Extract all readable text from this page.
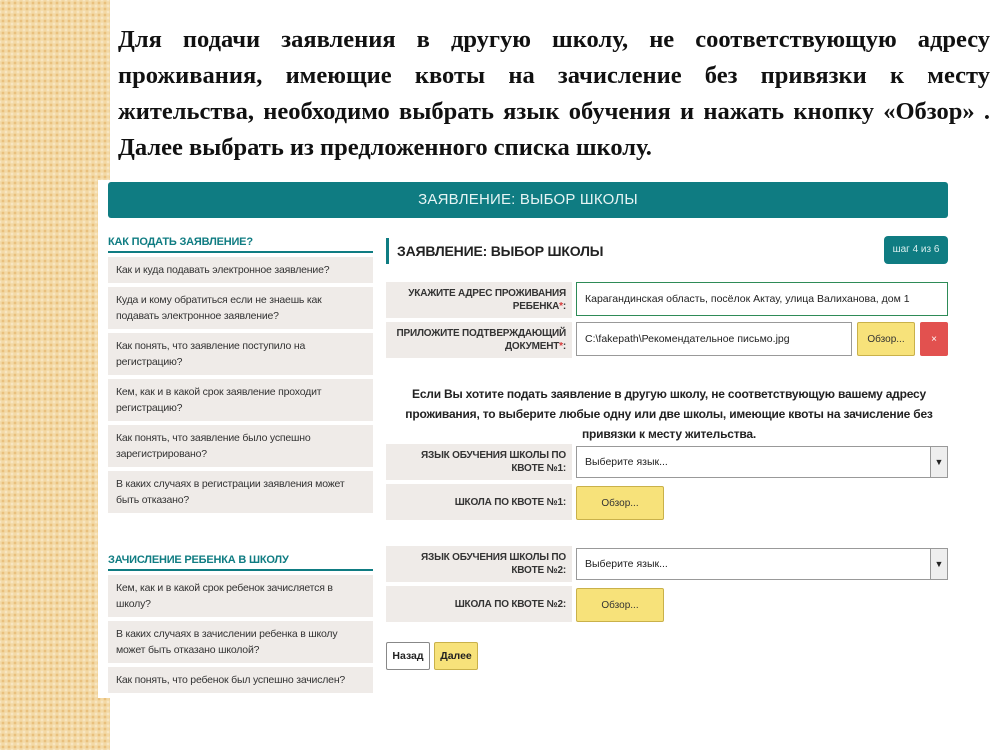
Для подачи заявления в другую школу, не соответствующую адресу проживания, имеющие квоты на зачисление без привязки к месту жительства, необходимо выбрать язык обучения и нажать кнопку «Обзор» . Далее выбрать из предложенного списка школу.

ЗАЯВЛЕНИЕ: ВЫБОР ШКОЛЫ
КАК ПОДАТЬ ЗАЯВЛЕНИЕ?
Как и куда подавать электронное заявление?
Куда и кому обратиться если не знаешь как подавать электронное заявление?
Как понять, что заявление поступило на регистрацию?
Кем, как и в какой срок заявление проходит регистрацию?
Как понять, что заявление было успешно зарегистрировано?
В каких случаях в регистрации заявления может быть отказано?
ЗАЧИСЛЕНИЕ РЕБЕНКА В ШКОЛУ
Кем, как и в какой срок ребенок зачисляется в школу?
В каких случаях в зачислении ребенка в школу может быть отказано школой?
Как понять, что ребенок был успешно зачислен?
ЗАЯВЛЕНИЕ: ВЫБОР ШКОЛЫ	шаг 4 из 6
УКАЖИТЕ АДРЕС ПРОЖИВАНИЯ РЕБЕНКА*:
Карагандинская область, посёлок Актау, улица Валиханова, дом 1
ПРИЛОЖИТЕ ПОДТВЕРЖДАЮЩИЙ ДОКУМЕНТ*:
C:\fakepath\Рекомендательное письмо.jpg	Обзор...	×
Если Вы хотите подать заявление в другую школу, не соответствующую вашему адресу проживания, то выберите любые одну или две школы, имеющие квоты на зачисление без привязки к месту жительства.
ЯЗЫК ОБУЧЕНИЯ ШКОЛЫ ПО КВОТЕ №1:
Выберите язык...	▼
ШКОЛА ПО КВОТЕ №1:	Обзор...
ЯЗЫК ОБУЧЕНИЯ ШКОЛЫ ПО КВОТЕ №2:
Выберите язык...	▼
ШКОЛА ПО КВОТЕ №2:	Обзор...
Назад	Далее
